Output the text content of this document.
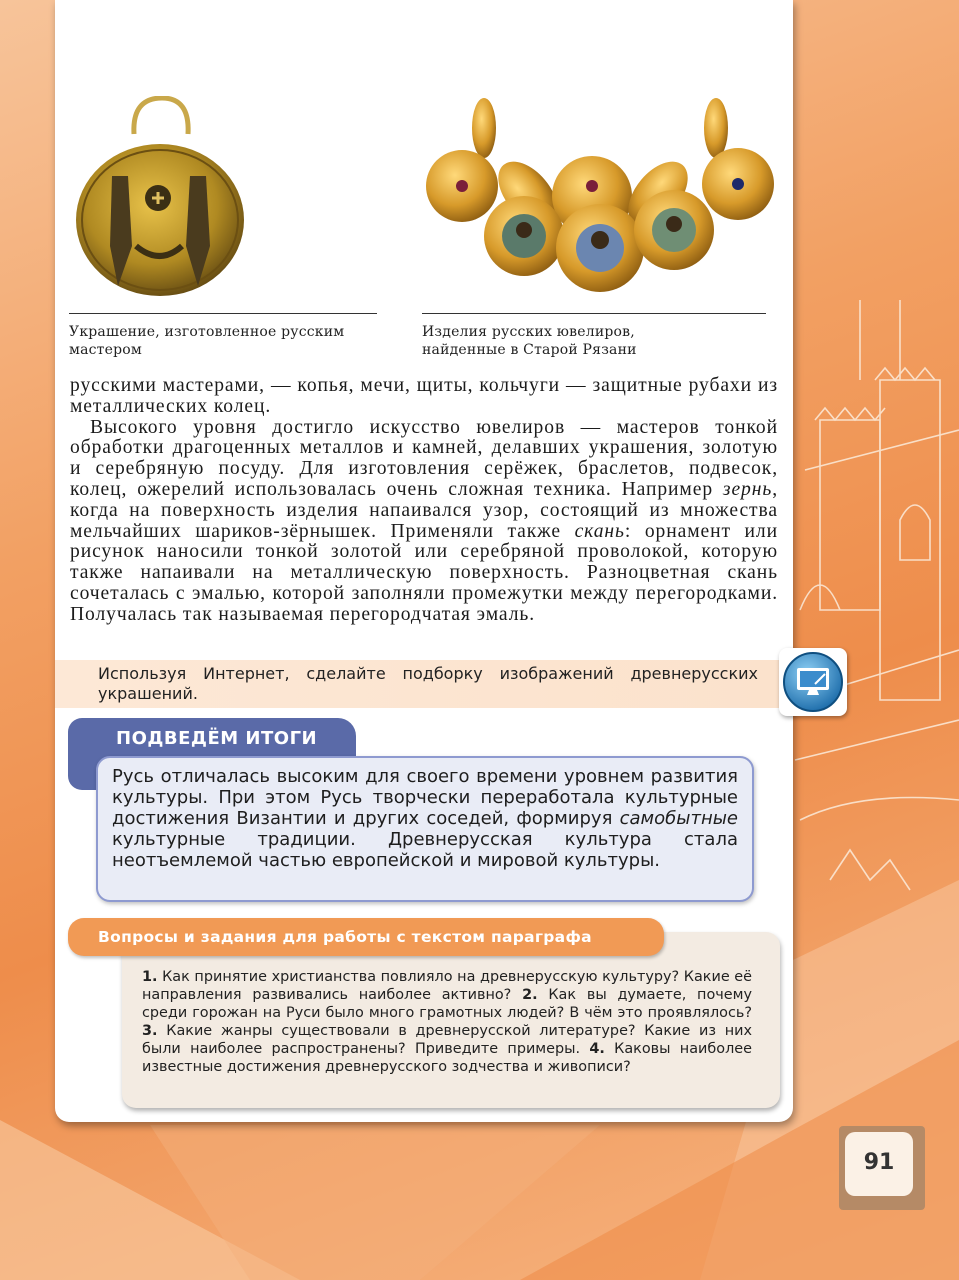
Украшение, изготовленное русским мастером
Изделия русских ювелиров, найденные в Старой Рязани

русскими мастерами, — копья, мечи, щиты, кольчуги — защитные рубахи из металлических колец.

Высокого уровня достигло искусство ювелиров — мастеров тонкой обработки драгоценных металлов и камней, делавших украшения, золотую и серебряную посуду. Для изготовления серёжек, браслетов, подвесок, колец, ожерелий использовалась очень сложная техника. Например зернь, когда на поверхность изделия напаивался узор, состоящий из множества мельчайших шариков-зёрнышек. Применяли также скань: орнамент или рисунок наносили тонкой золотой или серебряной проволокой, которую также напаивали на металлическую поверхность. Разноцветная скань сочеталась с эмалью, которой заполняли промежутки между перегородками. Получалась так называемая перегородчатая эмаль.

Используя Интернет, сделайте подборку изображений древнерусских украшений.
ПОДВЕДЁМ ИТОГИ
Русь отличалась высоким для своего времени уровнем развития культуры. При этом Русь творчески переработала культурные достижения Византии и других соседей, формируя самобытные культурные традиции. Древнерусская культура стала неотъемлемой частью европейской и мировой культуры.
Вопросы и задания для работы с текстом параграфа
1. Как принятие христианства повлияло на древнерусскую культуру? Какие её направления развивались наиболее активно? 2. Как вы думаете, почему среди горожан на Руси было много грамотных людей? В чём это проявлялось? 3. Какие жанры существовали в древнерусской литературе? Какие из них были наиболее распространены? Приведите примеры. 4. Каковы наиболее известные достижения древнерусского зодчества и живописи?
91
